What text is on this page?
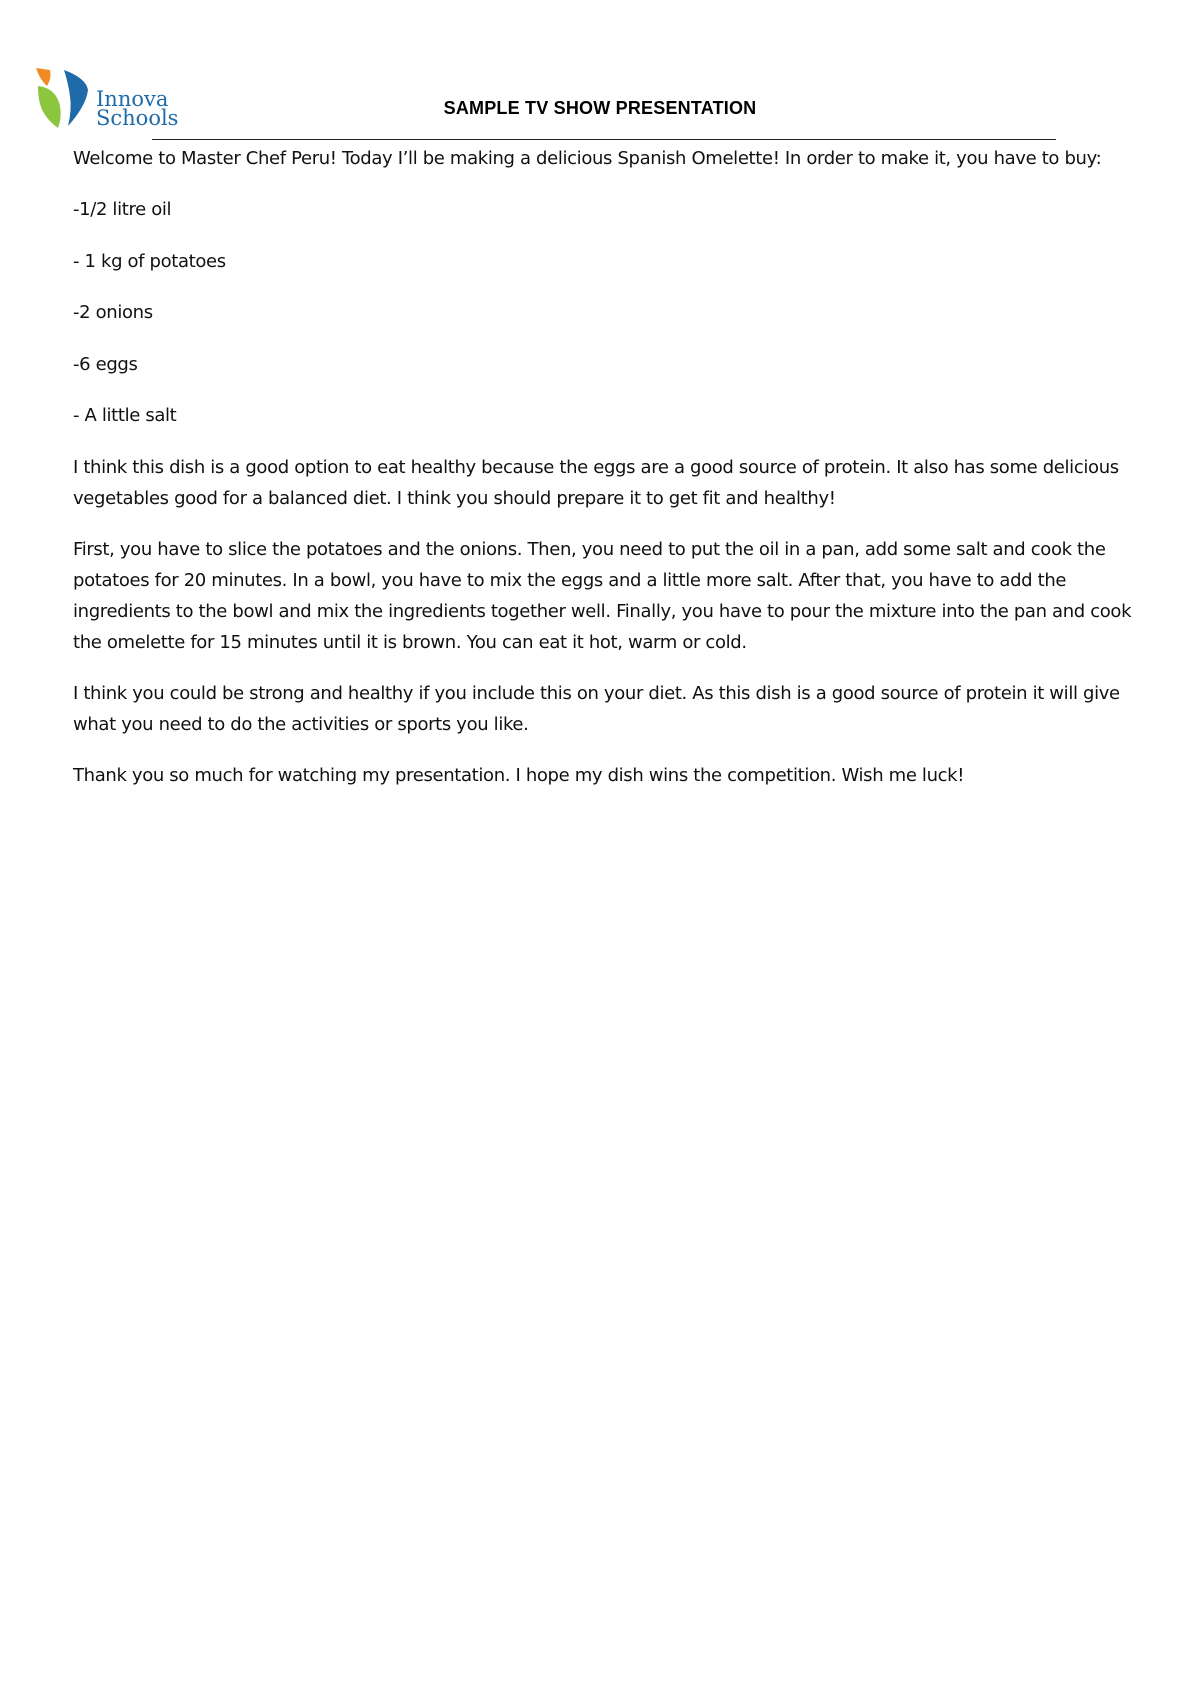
Innova
Schools	SAMPLE TV SHOW PRESENTATION

Welcome to Master Chef Peru! Today I’ll be making a delicious Spanish Omelette! In order to make it, you have to buy:

-1/2 litre oil

- 1 kg of potatoes

-2 onions

-6 eggs

- A little salt

I think this dish is a good option to eat healthy because the eggs are a good source of protein. It also has some delicious vegetables good for a balanced diet. I think you should prepare it to get fit and healthy!

First, you have to slice the potatoes and the onions. Then, you need to put the oil in a pan, add some salt and cook the potatoes for 20 minutes. In a bowl, you have to mix the eggs and a little more salt. After that, you have to add the ingredients to the bowl and mix the ingredients together well. Finally, you have to pour the mixture into the pan and cook the omelette for 15 minutes until it is brown. You can eat it hot, warm or cold.

I think you could be strong and healthy if you include this on your diet. As this dish is a good source of protein it will give what you need to do the activities or sports you like.

Thank you so much for watching my presentation. I hope my dish wins the competition. Wish me luck!
